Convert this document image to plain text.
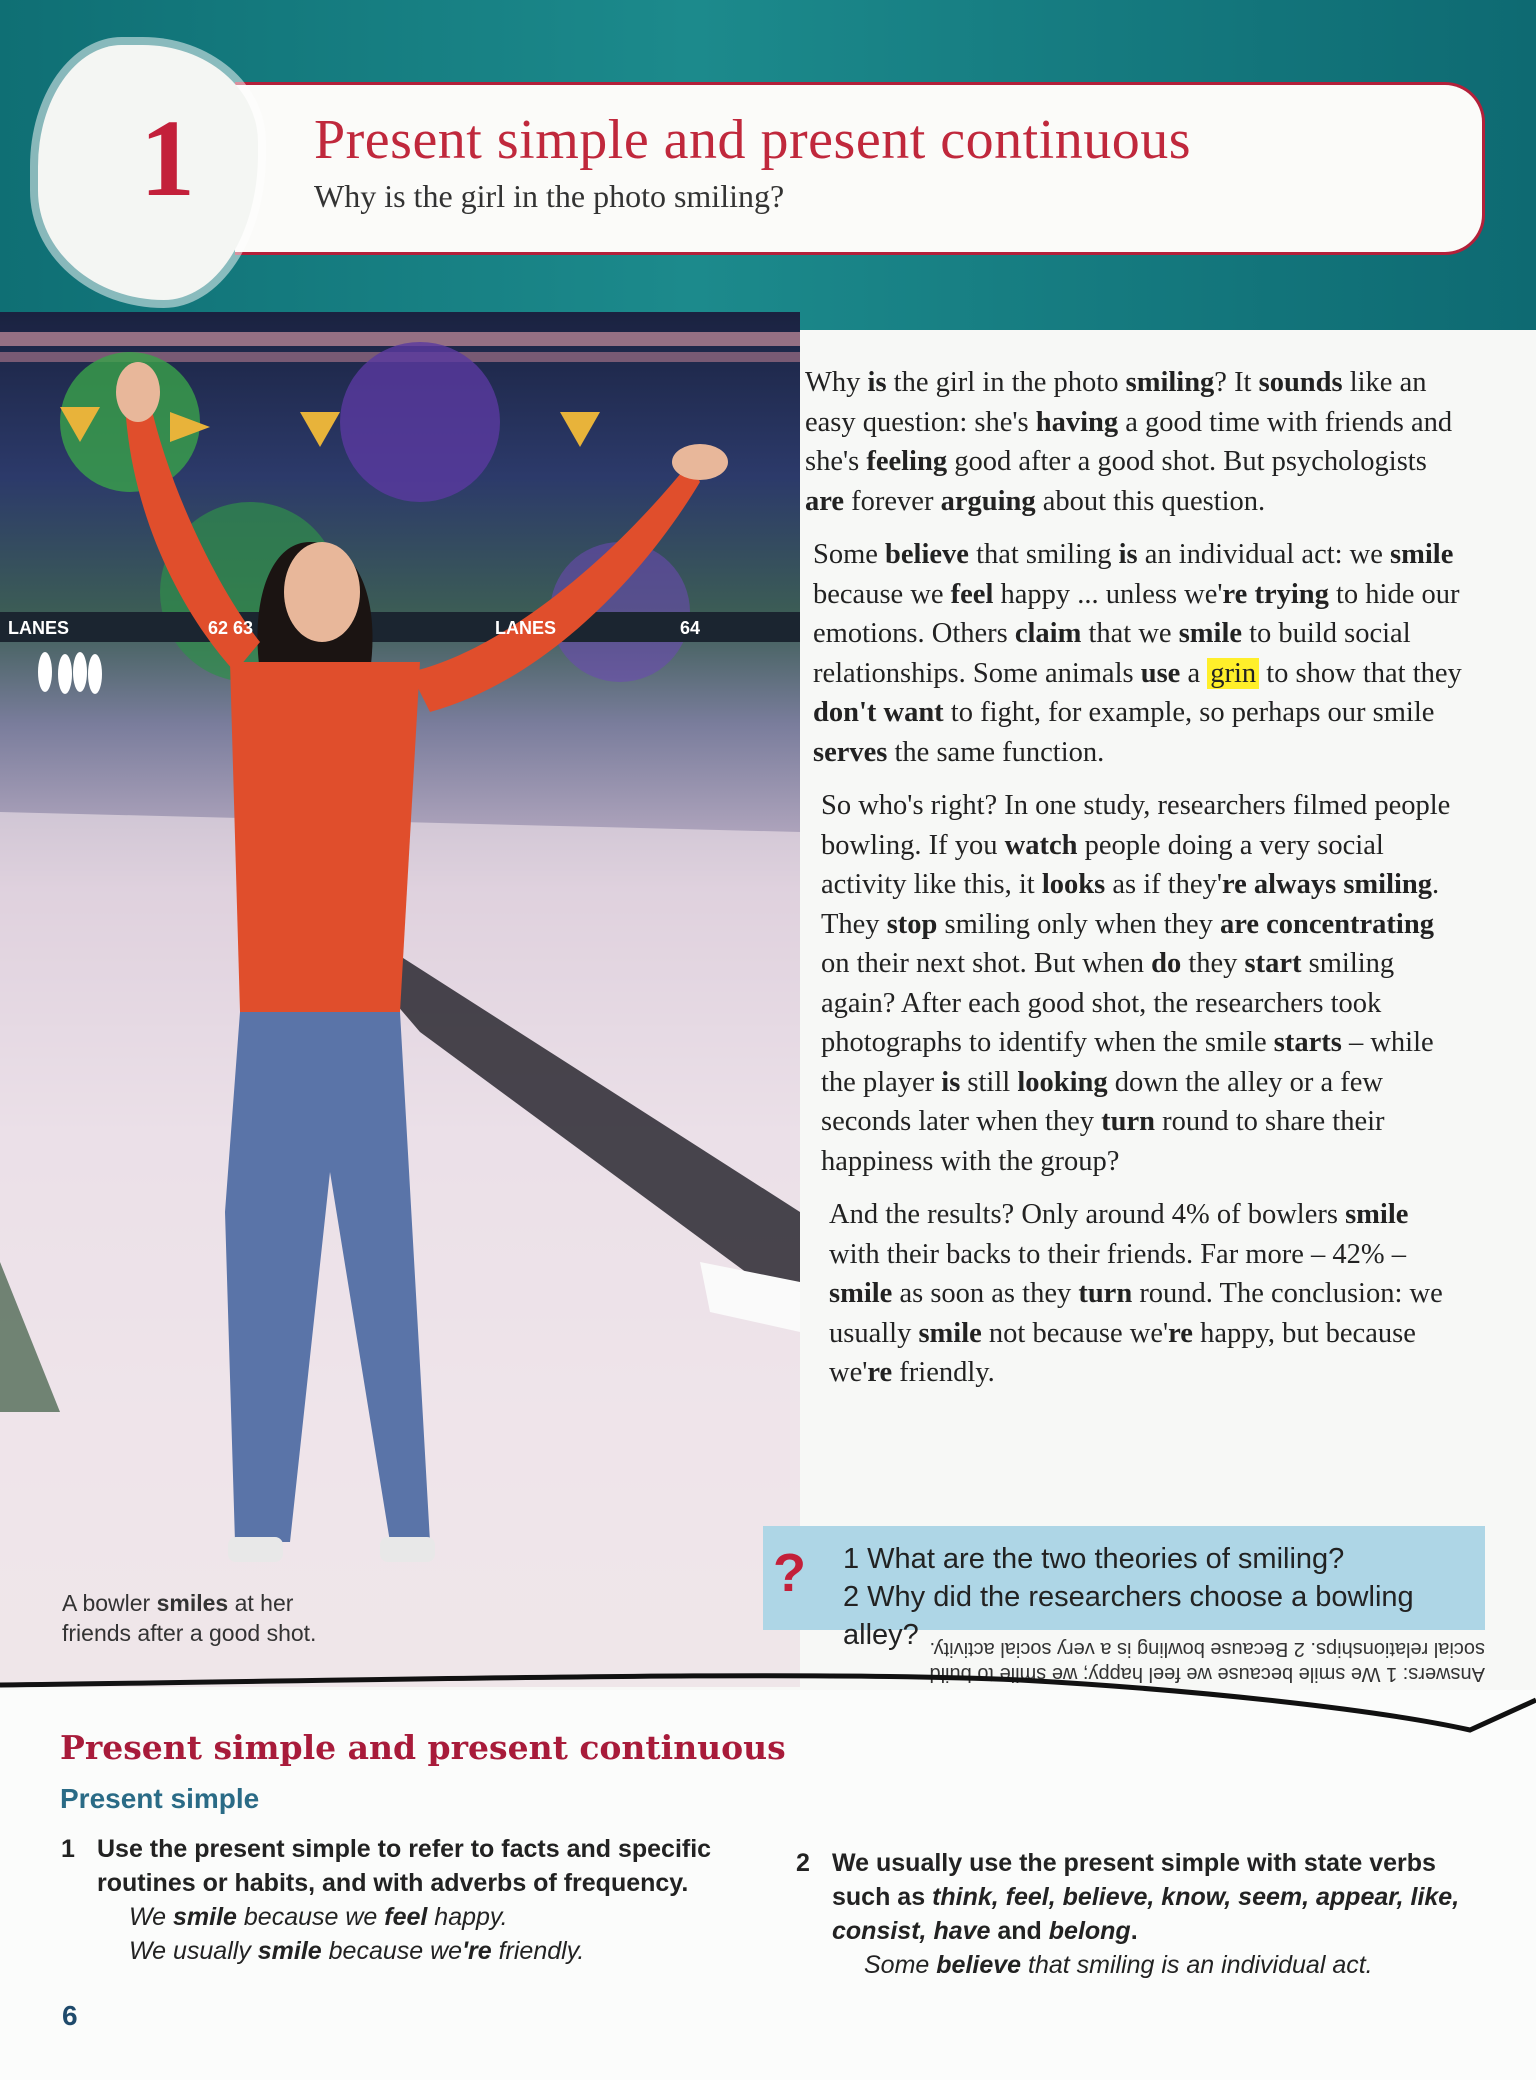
1 Present simple and present continuous
Why is the girl in the photo smiling?
LANES	62 63	LANES	64
A bowler smiles at her friends after a good shot.

Why is the girl in the photo smiling? It sounds like an easy question: she's having a good time with friends and she's feeling good after a good shot. But psychologists are forever arguing about this question.

Some believe that smiling is an individual act: we smile because we feel happy ... unless we're trying to hide our emotions. Others claim that we smile to build social relationships. Some animals use a grin to show that they don't want to fight, for example, so perhaps our smile serves the same function.

So who's right? In one study, researchers filmed people bowling. If you watch people doing a very social activity like this, it looks as if they're always smiling. They stop smiling only when they are concentrating on their next shot. But when do they start smiling again? After each good shot, the researchers took photographs to identify when the smile starts – while the player is still looking down the alley or a few seconds later when they turn round to share their happiness with the group?

And the results? Only around 4% of bowlers smile with their backs to their friends. Far more – 42% – smile as soon as they turn round. The conclusion: we usually smile not because we're happy, but because we're friendly.

? 1 What are the two theories of smiling?
2 Why did the researchers choose a bowling alley?
Answers: 1 We smile because we feel happy; we smile to build social relationships. 2 Because bowling is a very social activity.
Present simple and present continuous
Present simple
1 Use the present simple to refer to facts and specific routines or habits, and with adverbs of frequency.
We smile because we feel happy.
We usually smile because we're friendly.
2 We usually use the present simple with state verbs such as think, feel, believe, know, seem, appear, like, consist, have and belong.
Some believe that smiling is an individual act.
6
